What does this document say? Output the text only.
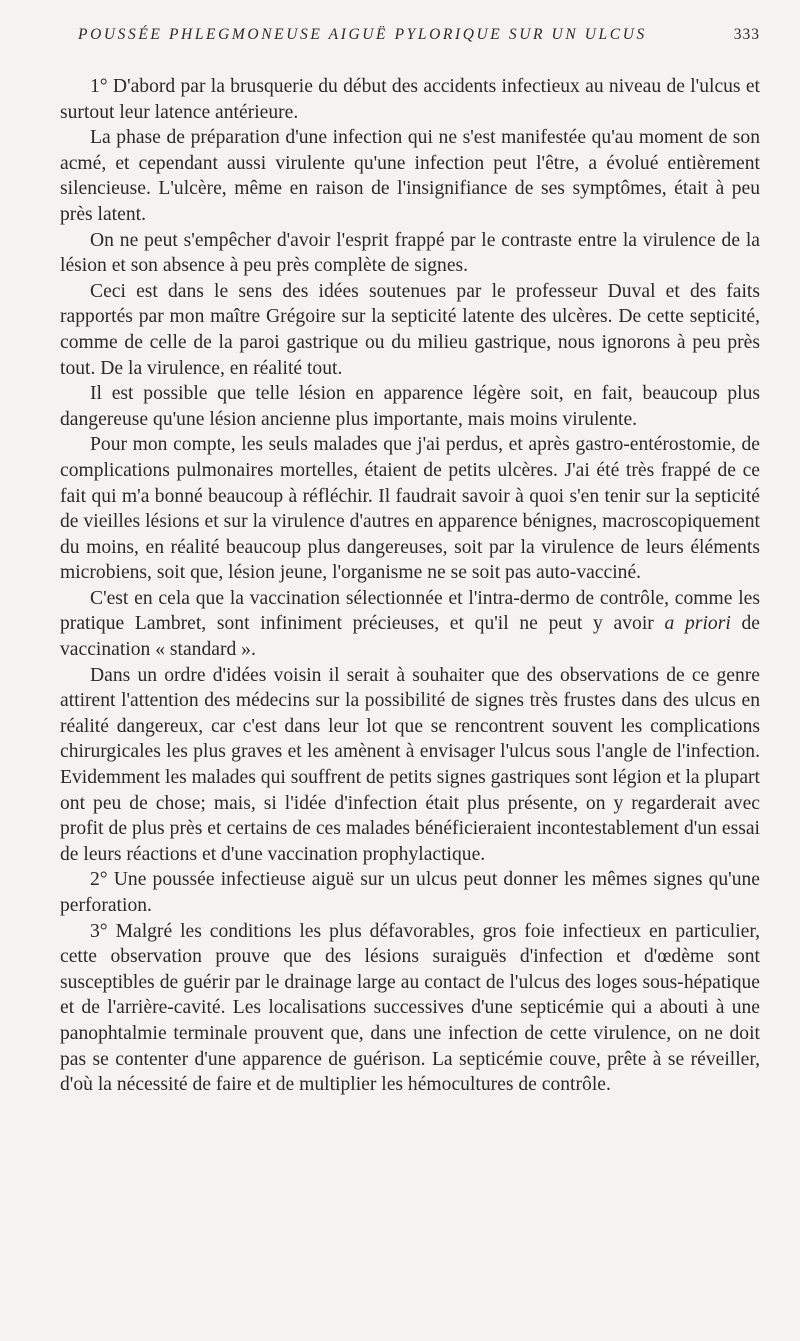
POUSSÉE PHLEGMONEUSE AIGUË PYLORIQUE SUR UN ULCUS	333

1° D'abord par la brusquerie du début des accidents infectieux au niveau de l'ulcus et surtout leur latence antérieure.

La phase de préparation d'une infection qui ne s'est manifestée qu'au moment de son acmé, et cependant aussi virulente qu'une infection peut l'être, a évolué entièrement silencieuse. L'ulcère, même en raison de l'insignifiance de ses symptômes, était à peu près latent.

On ne peut s'empêcher d'avoir l'esprit frappé par le contraste entre la virulence de la lésion et son absence à peu près complète de signes.

Ceci est dans le sens des idées soutenues par le professeur Duval et des faits rapportés par mon maître Grégoire sur la septicité latente des ulcères. De cette septicité, comme de celle de la paroi gastrique ou du milieu gastrique, nous ignorons à peu près tout. De la virulence, en réalité tout.

Il est possible que telle lésion en apparence légère soit, en fait, beaucoup plus dangereuse qu'une lésion ancienne plus importante, mais moins virulente.

Pour mon compte, les seuls malades que j'ai perdus, et après gastro-entérostomie, de complications pulmonaires mortelles, étaient de petits ulcères. J'ai été très frappé de ce fait qui m'a bonné beaucoup à réfléchir. Il faudrait savoir à quoi s'en tenir sur la septicité de vieilles lésions et sur la virulence d'autres en apparence bénignes, macroscopiquement du moins, en réalité beaucoup plus dangereuses, soit par la virulence de leurs éléments microbiens, soit que, lésion jeune, l'organisme ne se soit pas auto-vacciné.

C'est en cela que la vaccination sélectionnée et l'intra-dermo de contrôle, comme les pratique Lambret, sont infiniment précieuses, et qu'il ne peut y avoir a priori de vaccination « standard ».

Dans un ordre d'idées voisin il serait à souhaiter que des observations de ce genre attirent l'attention des médecins sur la possibilité de signes très frustes dans des ulcus en réalité dangereux, car c'est dans leur lot que se rencontrent souvent les complications chirurgicales les plus graves et les amènent à envisager l'ulcus sous l'angle de l'infection. Evidemment les malades qui souffrent de petits signes gastriques sont légion et la plupart ont peu de chose; mais, si l'idée d'infection était plus présente, on y regarderait avec profit de plus près et certains de ces malades bénéficieraient incontestablement d'un essai de leurs réactions et d'une vaccination prophylactique.

2° Une poussée infectieuse aiguë sur un ulcus peut donner les mêmes signes qu'une perforation.

3° Malgré les conditions les plus défavorables, gros foie infectieux en particulier, cette observation prouve que des lésions suraiguës d'infection et d'œdème sont susceptibles de guérir par le drainage large au contact de l'ulcus des loges sous-hépatique et de l'arrière-cavité. Les localisations successives d'une septicémie qui a abouti à une panophtalmie terminale prouvent que, dans une infection de cette virulence, on ne doit pas se contenter d'une apparence de guérison. La septicémie couve, prête à se réveiller, d'où la nécessité de faire et de multiplier les hémocultures de contrôle.
